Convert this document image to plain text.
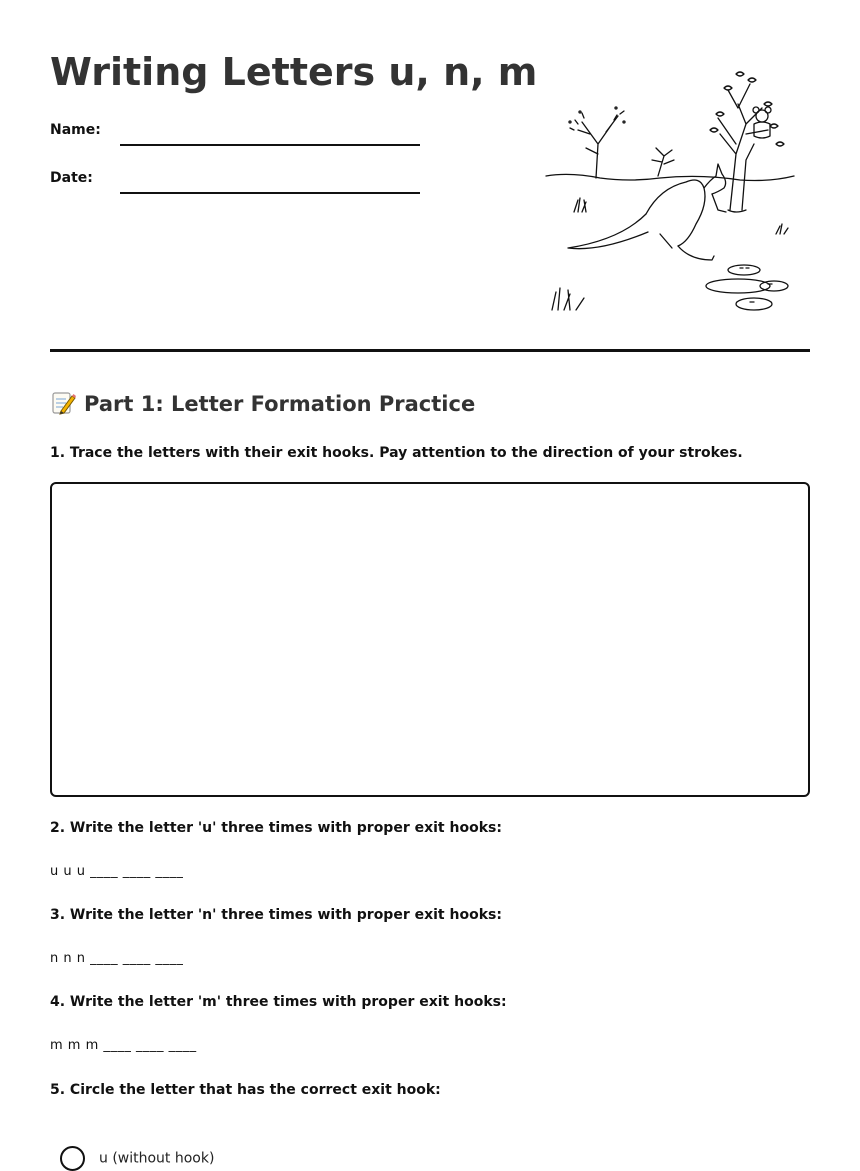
Writing Letters u, n, m
Name:
Date:
Part 1: Letter Formation Practice
1. Trace the letters with their exit hooks. Pay attention to the direction of your strokes.
2. Write the letter 'u' three times with proper exit hooks:
u u u ____ ____ ____
3. Write the letter 'n' three times with proper exit hooks:
n n n ____ ____ ____
4. Write the letter 'm' three times with proper exit hooks:
m m m ____ ____ ____
5. Circle the letter that has the correct exit hook:
u (without hook)
